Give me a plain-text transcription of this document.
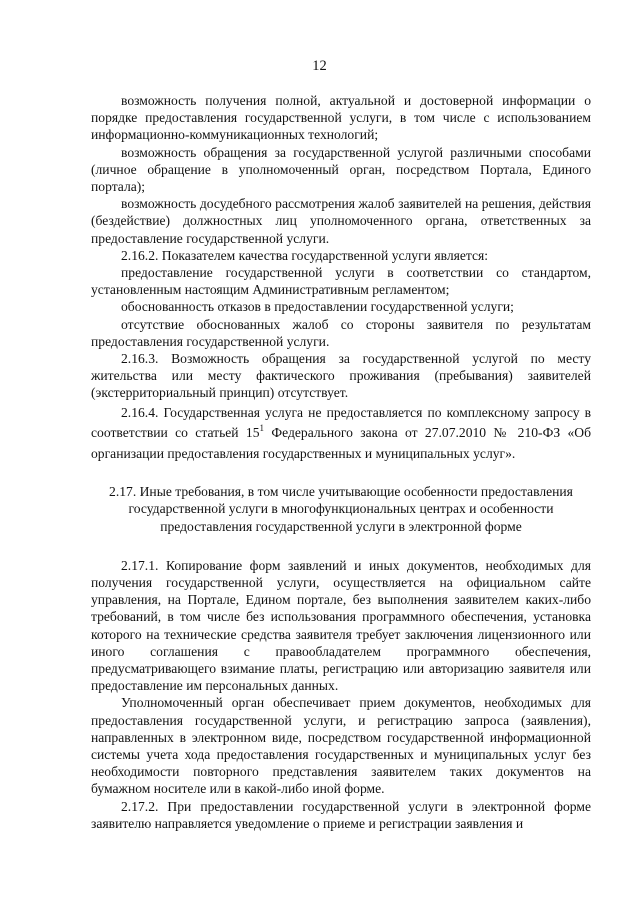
12

возможность получения полной, актуальной и достоверной информации о порядке предоставления государственной услуги, в том числе с использованием информационно-коммуникационных технологий;

возможность обращения за государственной услугой различными способами (личное обращение в уполномоченный орган, посредством Портала, Единого портала);

возможность досудебного рассмотрения жалоб заявителей на решения, действия (бездействие) должностных лиц уполномоченного органа, ответственных за предоставление государственной услуги.

2.16.2. Показателем качества государственной услуги является:

предоставление государственной услуги в соответствии со стандартом, установленным настоящим Административным регламентом;

обоснованность отказов в предоставлении государственной услуги;

отсутствие обоснованных жалоб со стороны заявителя по результатам предоставления государственной услуги.

2.16.3. Возможность обращения за государственной услугой по месту жительства или месту фактического проживания (пребывания) заявителей (экстерриториальный принцип) отсутствует.

2.16.4. Государственная услуга не предоставляется по комплексному запросу в соответствии со статьей $15^1$ Федерального закона от 27.07.2010 № 210-ФЗ «Об организации предоставления государственных и муниципальных услуг».

2.17. Иные требования, в том числе учитывающие особенности предоставления государственной услуги в многофункциональных центрах и особенности предоставления государственной услуги в электронной форме

2.17.1. Копирование форм заявлений и иных документов, необходимых для получения государственной услуги, осуществляется на официальном сайте управления, на Портале, Едином портале, без выполнения заявителем каких-либо требований, в том числе без использования программного обеспечения, установка которого на технические средства заявителя требует заключения лицензионного или иного соглашения с правообладателем программного обеспечения, предусматривающего взимание платы, регистрацию или авторизацию заявителя или предоставление им персональных данных.

Уполномоченный орган обеспечивает прием документов, необходимых для предоставления государственной услуги, и регистрацию запроса (заявления), направленных в электронном виде, посредством государственной информационной системы учета хода предоставления государственных и муниципальных услуг без необходимости повторного представления заявителем таких документов на бумажном носителе или в какой-либо иной форме.

2.17.2. При предоставлении государственной услуги в электронной форме заявителю направляется уведомление о приеме и регистрации заявления и
